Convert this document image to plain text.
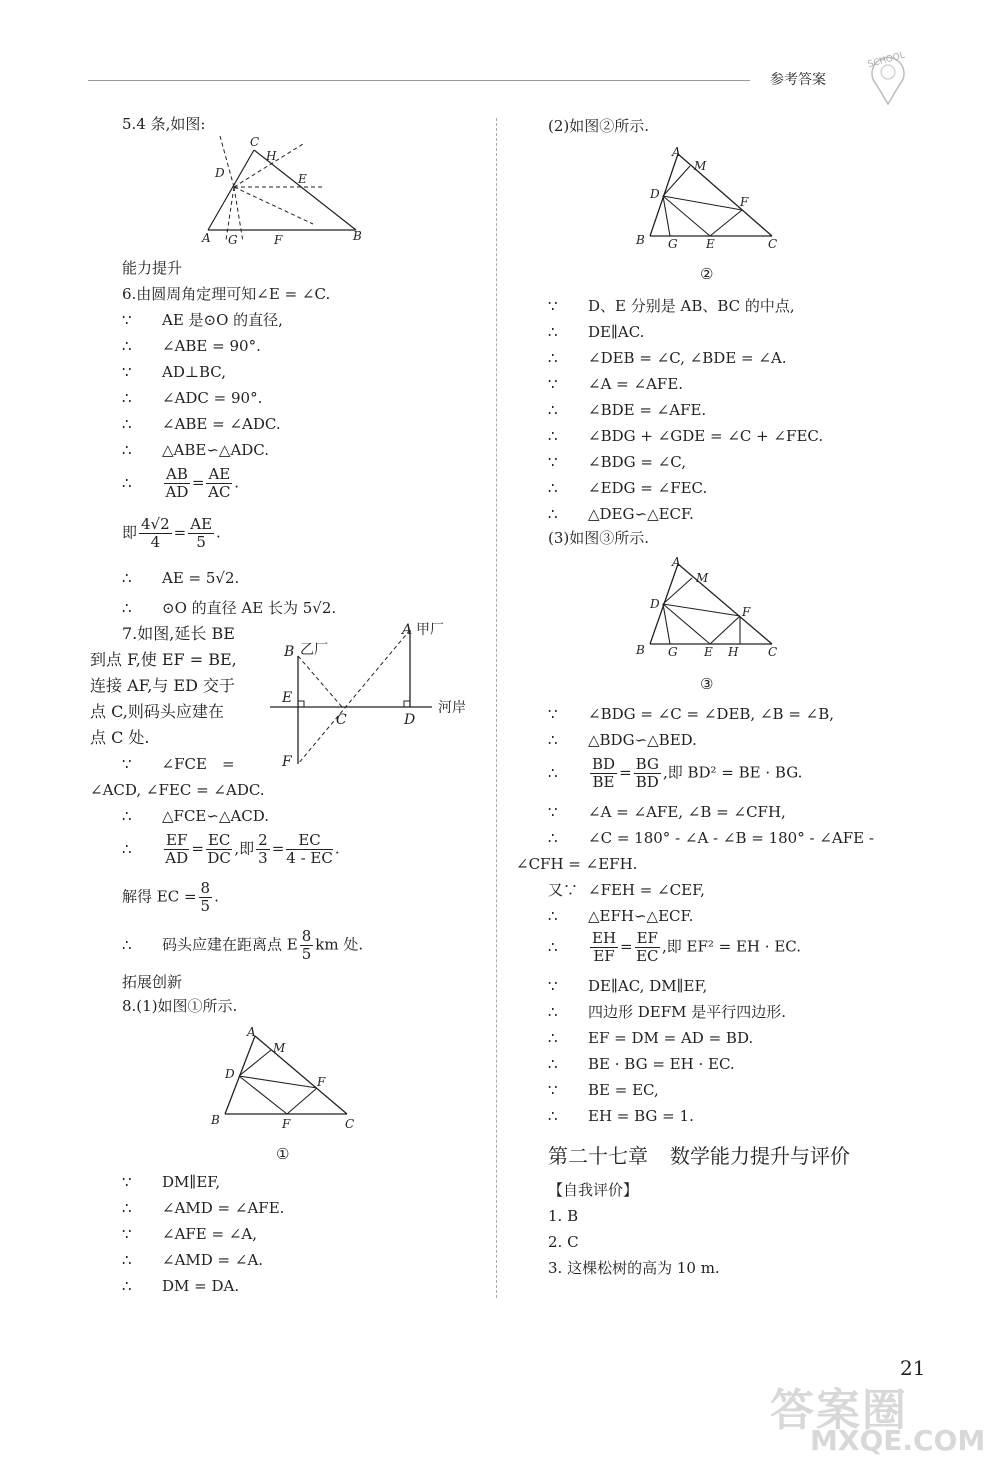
参考答案
SCHOOL
5.4 条,如图:
C
H
D	E
A G	F	B
能力提升
6.由圆周角定理可知∠E = ∠C.
∵ AE 是⊙O 的直径,
∴ ∠ABE = 90°.
∵ AD⊥BC,
∴ ∠ADC = 90°.
∴ ∠ABE = ∠ADC.
∴ △ABE∽△ADC.
∴ $\frac{AB}{AD} = \frac{AE}{AC}$ .
即 $\frac{4√2}{4} = \frac{AE}{5}$ .
∴ AE = 5√2.
∴ ⊙O 的直径 AE 长为 5√2.
7.如图,延长 BE
到点 F,使 EF = BE,
连接 AF,与 ED 交于
点 C,则码头应建在
点 C 处.
A 甲厂
B 乙厂
E
C	D
河岸
F
∵　　∠FCE　=
∠ACD, ∠FEC = ∠ADC.
∴ △FCE∽△ACD.
∴ $\frac{EF}{AD} = \frac{EC}{DC}$ ,即 $\frac{2}{3} = \frac{EC}{4 - EC}$ .
解得 EC = $\frac{8}{5}$ .
∴ 码头应建在距离点 E $\frac{8}{5}$ km 处.
拓展创新
8.(1)如图①所示.
A
M
D
F
B	F	C
①
∵ DM∥EF,
∴ ∠AMD = ∠AFE.
∵ ∠AFE = ∠A,
∴ ∠AMD = ∠A.
∴ DM = DA.
(2)如图②所示.
A
M
D
F
B G E	C
②
∵ D、E 分别是 AB、BC 的中点,
∴ DE∥AC.
∴ ∠DEB = ∠C, ∠BDE = ∠A.
∵ ∠A = ∠AFE.
∴ ∠BDE = ∠AFE.
∴ ∠BDG + ∠GDE = ∠C + ∠FEC.
∵ ∠BDG = ∠C,
∴ ∠EDG = ∠FEC.
∴ △DEG∽△ECF.
(3)如图③所示.
A
M
D
F
B G E H C
③
∵ ∠BDG = ∠C = ∠DEB, ∠B = ∠B,
∴ △BDG∽△BED.
∴ $\frac{BD}{BE} = \frac{BG}{BD}$ ,即 BD² = BE · BG.
∵ ∠A = ∠AFE, ∠B = ∠CFH,
∴ ∠C = 180° - ∠A - ∠B = 180° - ∠AFE -
∠CFH = ∠EFH.
又∵ ∠FEH = ∠CEF,
∴ △EFH∽△ECF.
∴ $\frac{EH}{EF} = \frac{EF}{EC}$ ,即 EF² = EH · EC.
∵ DE∥AC, DM∥EF,
∴ 四边形 DEFM 是平行四边形.
∴ EF = DM = AD = BD.
∴ BE · BG = EH · EC.
∵ BE = EC,
∴ EH = BG = 1.
第二十七章 数学能力提升与评价
【自我评价】
1. B
2. C
3. 这棵松树的高为 10 m.
21
答案圈
MXQE.COM
